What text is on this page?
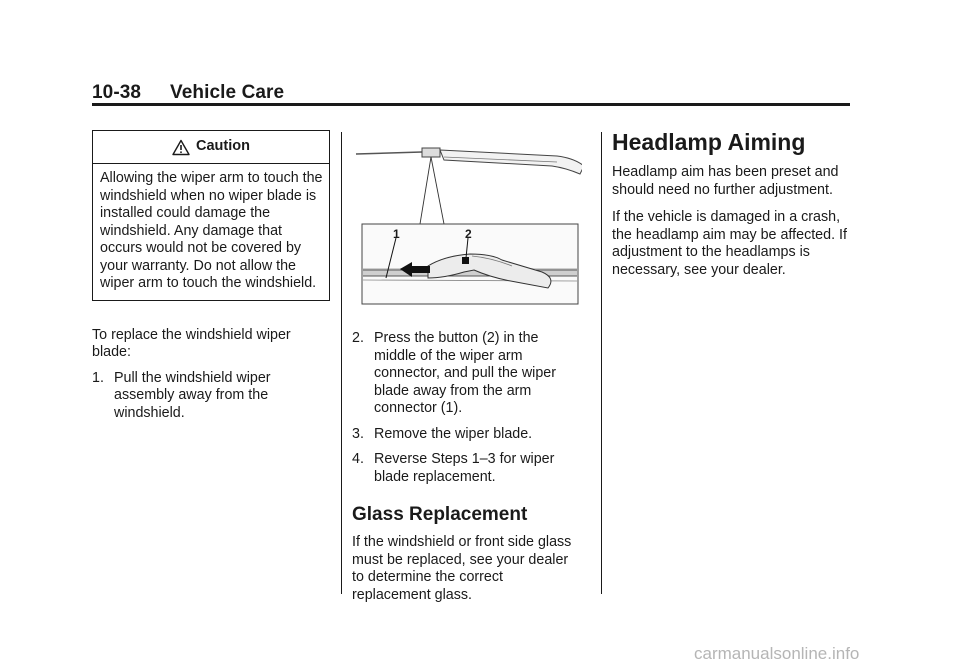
10-38 Vehicle Care
Caution
Allowing the wiper arm to touch the windshield when no wiper blade is installed could damage the windshield. Any damage that occurs would not be covered by your warranty. Do not allow the wiper arm to touch the windshield.

To replace the windshield wiper blade:

1. Pull the windshield wiper assembly away from the windshield.

1	2

2. Press the button (2) in the middle of the wiper arm connector, and pull the wiper blade away from the arm connector (1).

3. Remove the wiper blade.

4. Reverse Steps 1–3 for wiper blade replacement.

Glass Replacement

If the windshield or front side glass must be replaced, see your dealer to determine the correct replacement glass.

Headlamp Aiming

Headlamp aim has been preset and should need no further adjustment.

If the vehicle is damaged in a crash, the headlamp aim may be affected. If adjustment to the headlamps is necessary, see your dealer.

carmanualsonline.info
